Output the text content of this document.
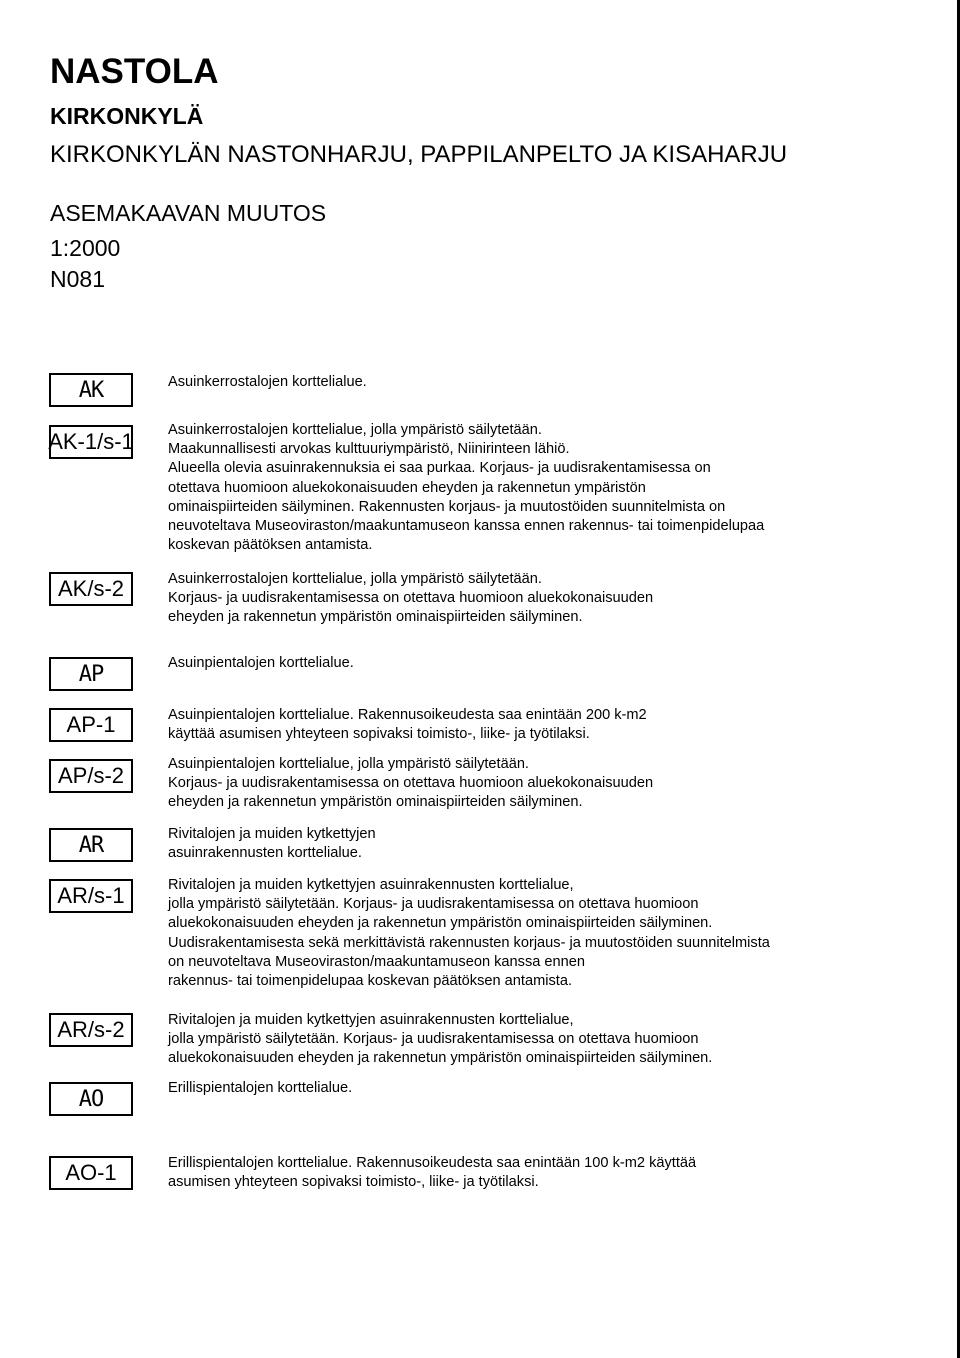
NASTOLA
KIRKONKYLÄ
KIRKONKYLÄN NASTONHARJU, PAPPILANPELTO JA KISAHARJU
ASEMAKAAVAN MUUTOS
1:2000
N081
AK	Asuinkerrostalojen korttelialue.
AK-1/s-1 Asuinkerrostalojen korttelialue, jolla ympäristö säilytetään.
Maakunnallisesti arvokas kulttuuriympäristö, Niinirinteen lähiö.
Alueella olevia asuinrakennuksia ei saa purkaa. Korjaus- ja uudisrakentamisessa on
otettava huomioon aluekokonaisuuden eheyden ja rakennetun ympäristön
ominaispiirteiden säilyminen. Rakennusten korjaus- ja muutostöiden suunnitelmista on
neuvoteltava Museoviraston/maakuntamuseon kanssa ennen rakennus- tai toimenpidelupaa
koskevan päätöksen antamista.
AK/s-2	Asuinkerrostalojen korttelialue, jolla ympäristö säilytetään.
Korjaus- ja uudisrakentamisessa on otettava huomioon aluekokonaisuuden
eheyden ja rakennetun ympäristön ominaispiirteiden säilyminen.
AP	Asuinpientalojen korttelialue.
AP-1	Asuinpientalojen korttelialue. Rakennusoikeudesta saa enintään 200 k-m2
käyttää asumisen yhteyteen sopivaksi toimisto-, liike- ja työtilaksi.
AP/s-2	Asuinpientalojen korttelialue, jolla ympäristö säilytetään.
Korjaus- ja uudisrakentamisessa on otettava huomioon aluekokonaisuuden
eheyden ja rakennetun ympäristön ominaispiirteiden säilyminen.
AR	Rivitalojen ja muiden kytkettyjen
asuinrakennusten korttelialue.
AR/s-1	Rivitalojen ja muiden kytkettyjen asuinrakennusten korttelialue,
jolla ympäristö säilytetään. Korjaus- ja uudisrakentamisessa on otettava huomioon
aluekokonaisuuden eheyden ja rakennetun ympäristön ominaispiirteiden säilyminen.
Uudisrakentamisesta sekä merkittävistä rakennusten korjaus- ja muutostöiden suunnitelmista
on neuvoteltava Museoviraston/maakuntamuseon kanssa ennen
rakennus- tai toimenpidelupaa koskevan päätöksen antamista.
AR/s-2	Rivitalojen ja muiden kytkettyjen asuinrakennusten korttelialue,
jolla ympäristö säilytetään. Korjaus- ja uudisrakentamisessa on otettava huomioon
aluekokonaisuuden eheyden ja rakennetun ympäristön ominaispiirteiden säilyminen.
AO	Erillispientalojen korttelialue.
AO-1	Erillispientalojen korttelialue. Rakennusoikeudesta saa enintään 100 k-m2 käyttää
asumisen yhteyteen sopivaksi toimisto-, liike- ja työtilaksi.
